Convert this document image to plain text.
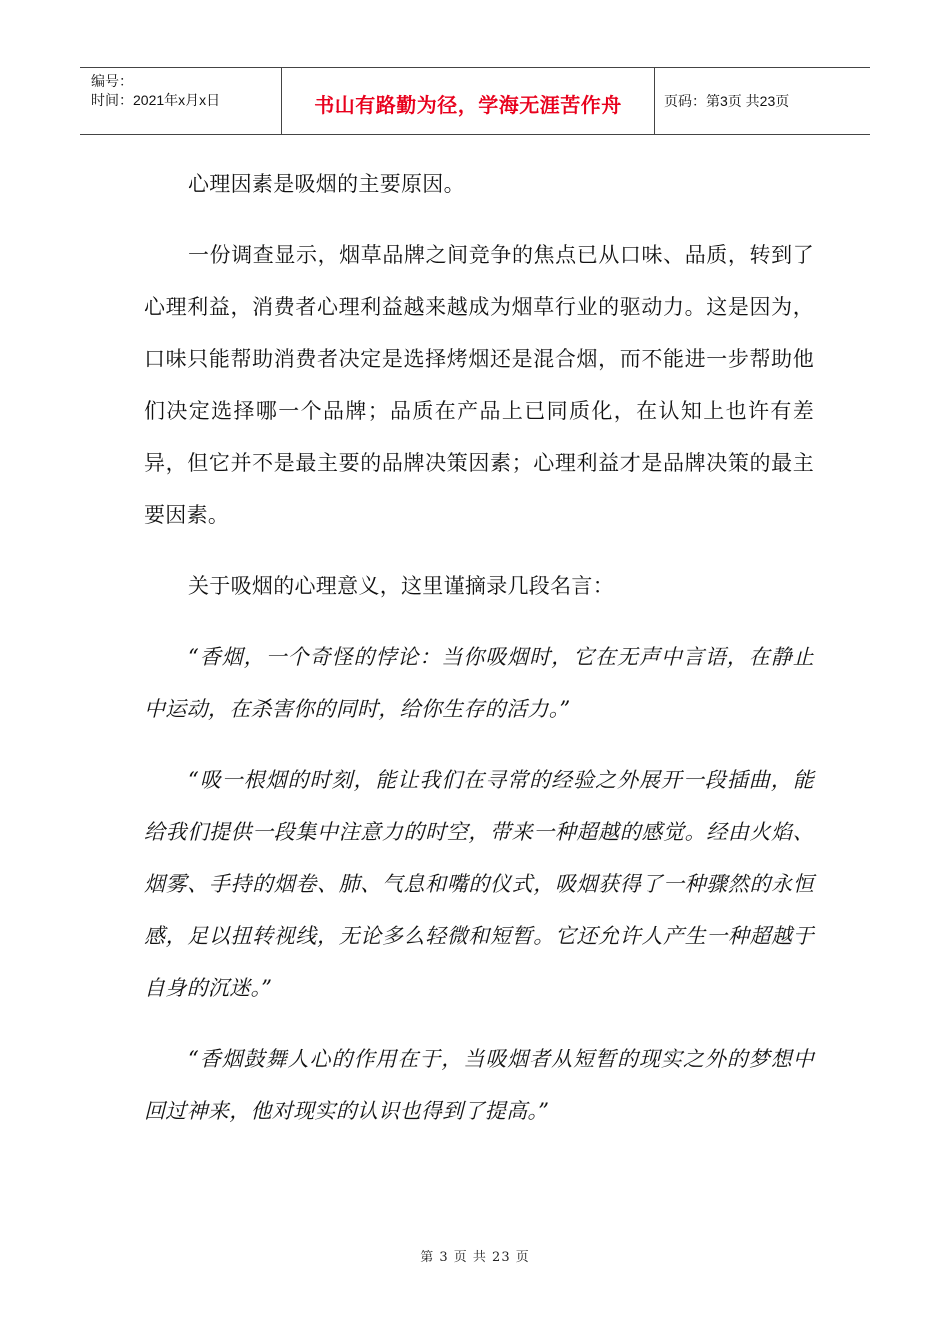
编号：
时间：2021年x月x日	书山有路勤为径，学海无涯苦作舟	页码：第3页 共23页

心理因素是吸烟的主要原因。

一份调查显示，烟草品牌之间竞争的焦点已从口味、品质，转到了心理利益，消费者心理利益越来越成为烟草行业的驱动力。这是因为，口味只能帮助消费者决定是选择烤烟还是混合烟，而不能进一步帮助他们决定选择哪一个品牌；品质在产品上已同质化，在认知上也许有差异，但它并不是最主要的品牌决策因素；心理利益才是品牌决策的最主要因素。

关于吸烟的心理意义，这里谨摘录几段名言：

“香烟，一个奇怪的悖论：当你吸烟时，它在无声中言语，在静止中运动，在杀害你的同时，给你生存的活力。”

“吸一根烟的时刻，能让我们在寻常的经验之外展开一段插曲，能给我们提供一段集中注意力的时空，带来一种超越的感觉。经由火焰、烟雾、手持的烟卷、肺、气息和嘴的仪式，吸烟获得了一种骤然的永恒感，足以扭转视线，无论多么轻微和短暂。它还允许人产生一种超越于自身的沉迷。”

“香烟鼓舞人心的作用在于，当吸烟者从短暂的现实之外的梦想中回过神来，他对现实的认识也得到了提高。”

第 3 页 共 23 页
